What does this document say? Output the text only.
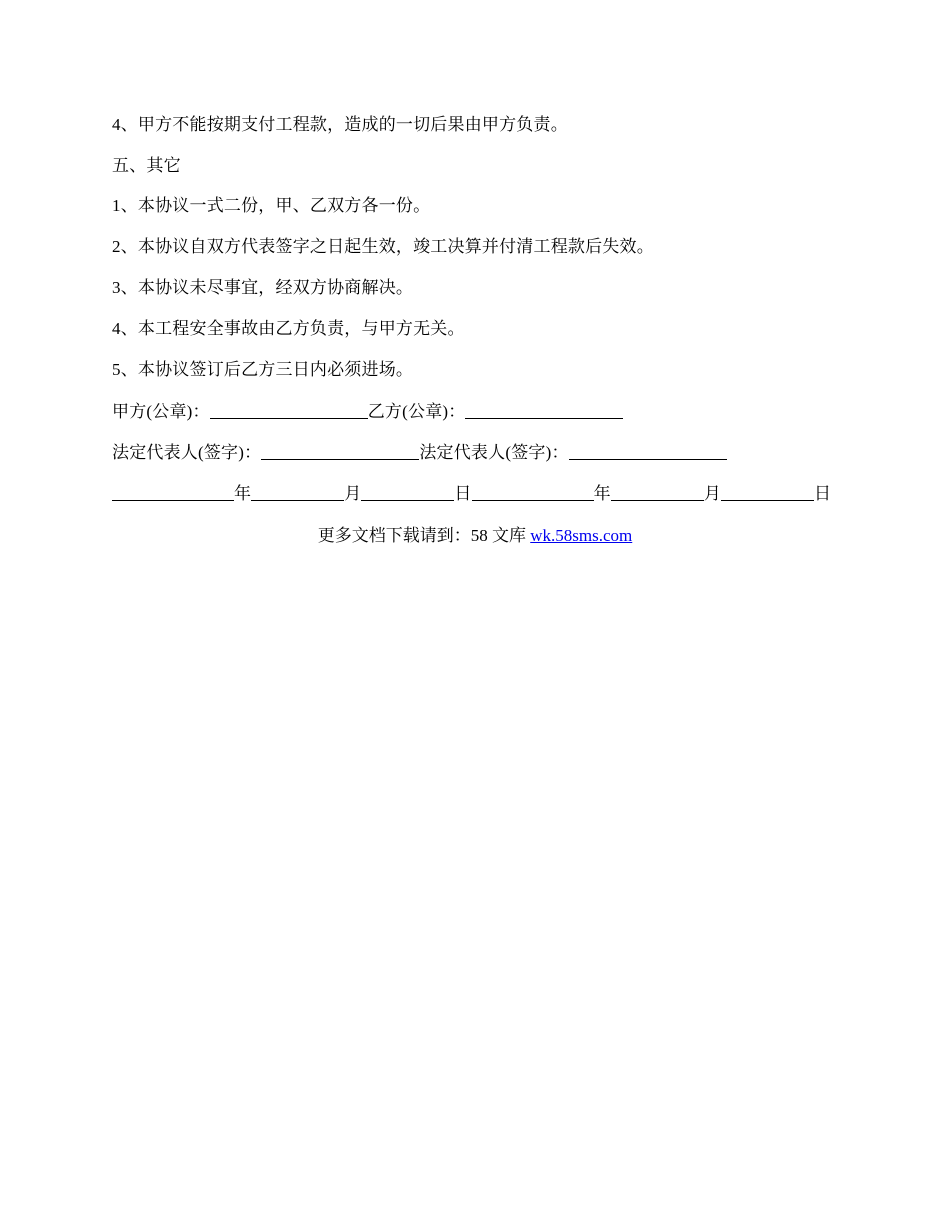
4、甲方不能按期支付工程款，造成的一切后果由甲方负责。
五、其它
1、本协议一式二份，甲、乙双方各一份。
2、本协议自双方代表签字之日起生效，竣工决算并付清工程款后失效。
3、本协议未尽事宜，经双方协商解决。
4、本工程安全事故由乙方负责，与甲方无关。
5、本协议签订后乙方三日内必须进场。
甲方(公章)：	乙方(公章)：
法定代表人(签字)：	法定代表人(签字)：
年	月	日	年	月	日
更多文档下载请到：58 文库 wk.58sms.com
